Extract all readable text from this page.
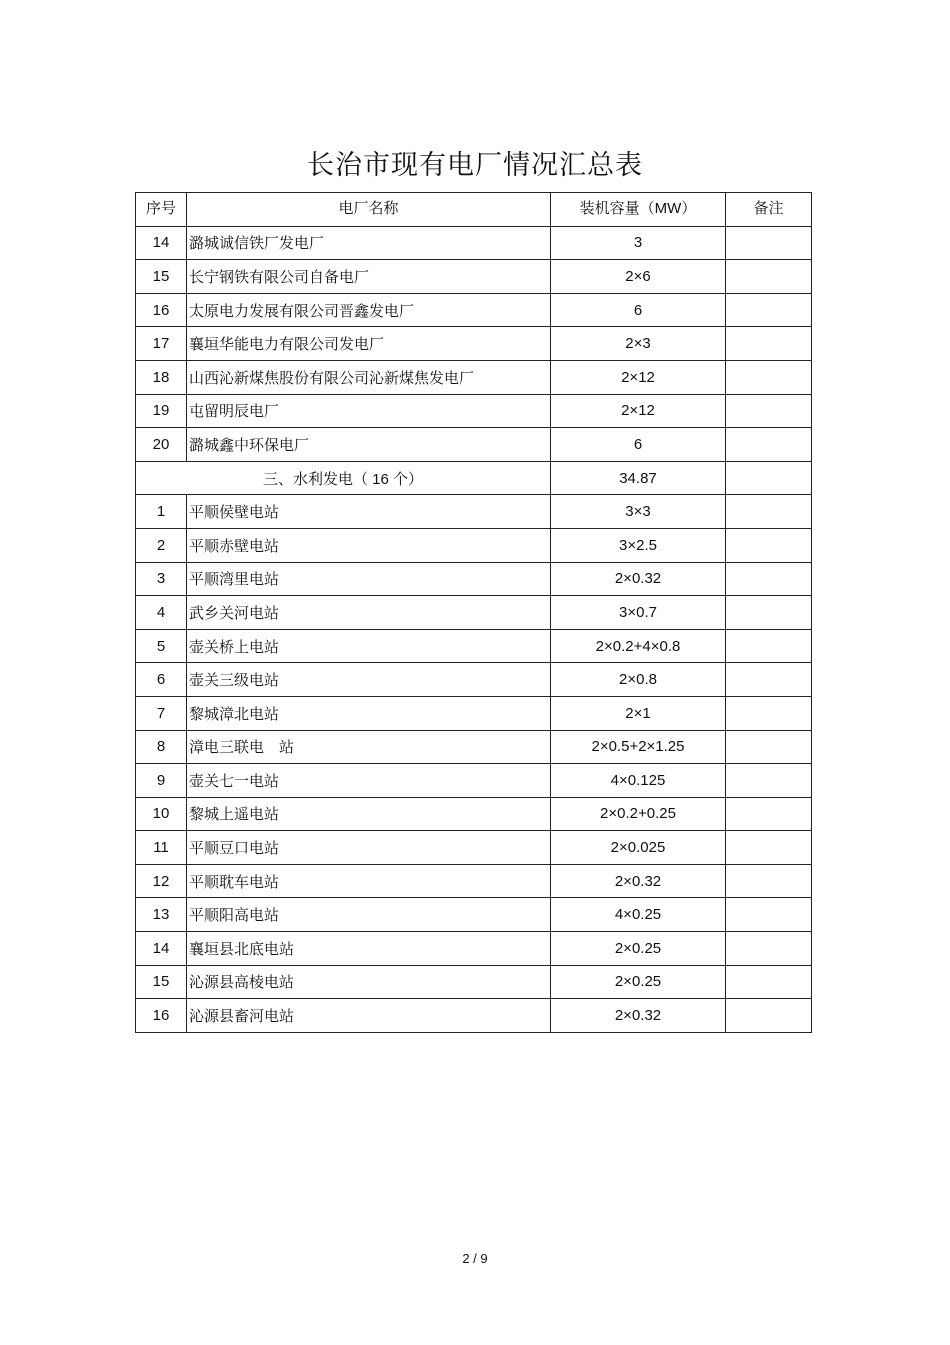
长治市现有电厂情况汇总表
序号	电厂名称	装机容量（MW）	备注
14	潞城诚信铁厂发电厂	3	
15	长宁钢铁有限公司自备电厂	2×6	
16	太原电力发展有限公司晋鑫发电厂	6	
17	襄垣华能电力有限公司发电厂	2×3	
18	山西沁新煤焦股份有限公司沁新煤焦发电厂	2×12	
19	屯留明辰电厂	2×12	
20	潞城鑫中环保电厂	6	
三、水利发电（ 16 个）		34.87	
1	平顺侯壁电站	3×3	
2	平顺赤壁电站	3×2.5	
3	平顺湾里电站	2×0.32	
4	武乡关河电站	3×0.7	
5	壶关桥上电站	2×0.2+4×0.8	
6	壶关三级电站	2×0.8	
7	黎城漳北电站	2×1	
8	漳电三联电　站	2×0.5+2×1.25	
9	壶关七一电站	4×0.125	
10	黎城上遥电站	2×0.2+0.25	
11	平顺豆口电站	2×0.025	
12	平顺耽车电站	2×0.32	
13	平顺阳高电站	4×0.25	
14	襄垣县北底电站	2×0.25	
15	沁源县高棱电站	2×0.25	
16	沁源县畜河电站	2×0.32	
2 / 9
